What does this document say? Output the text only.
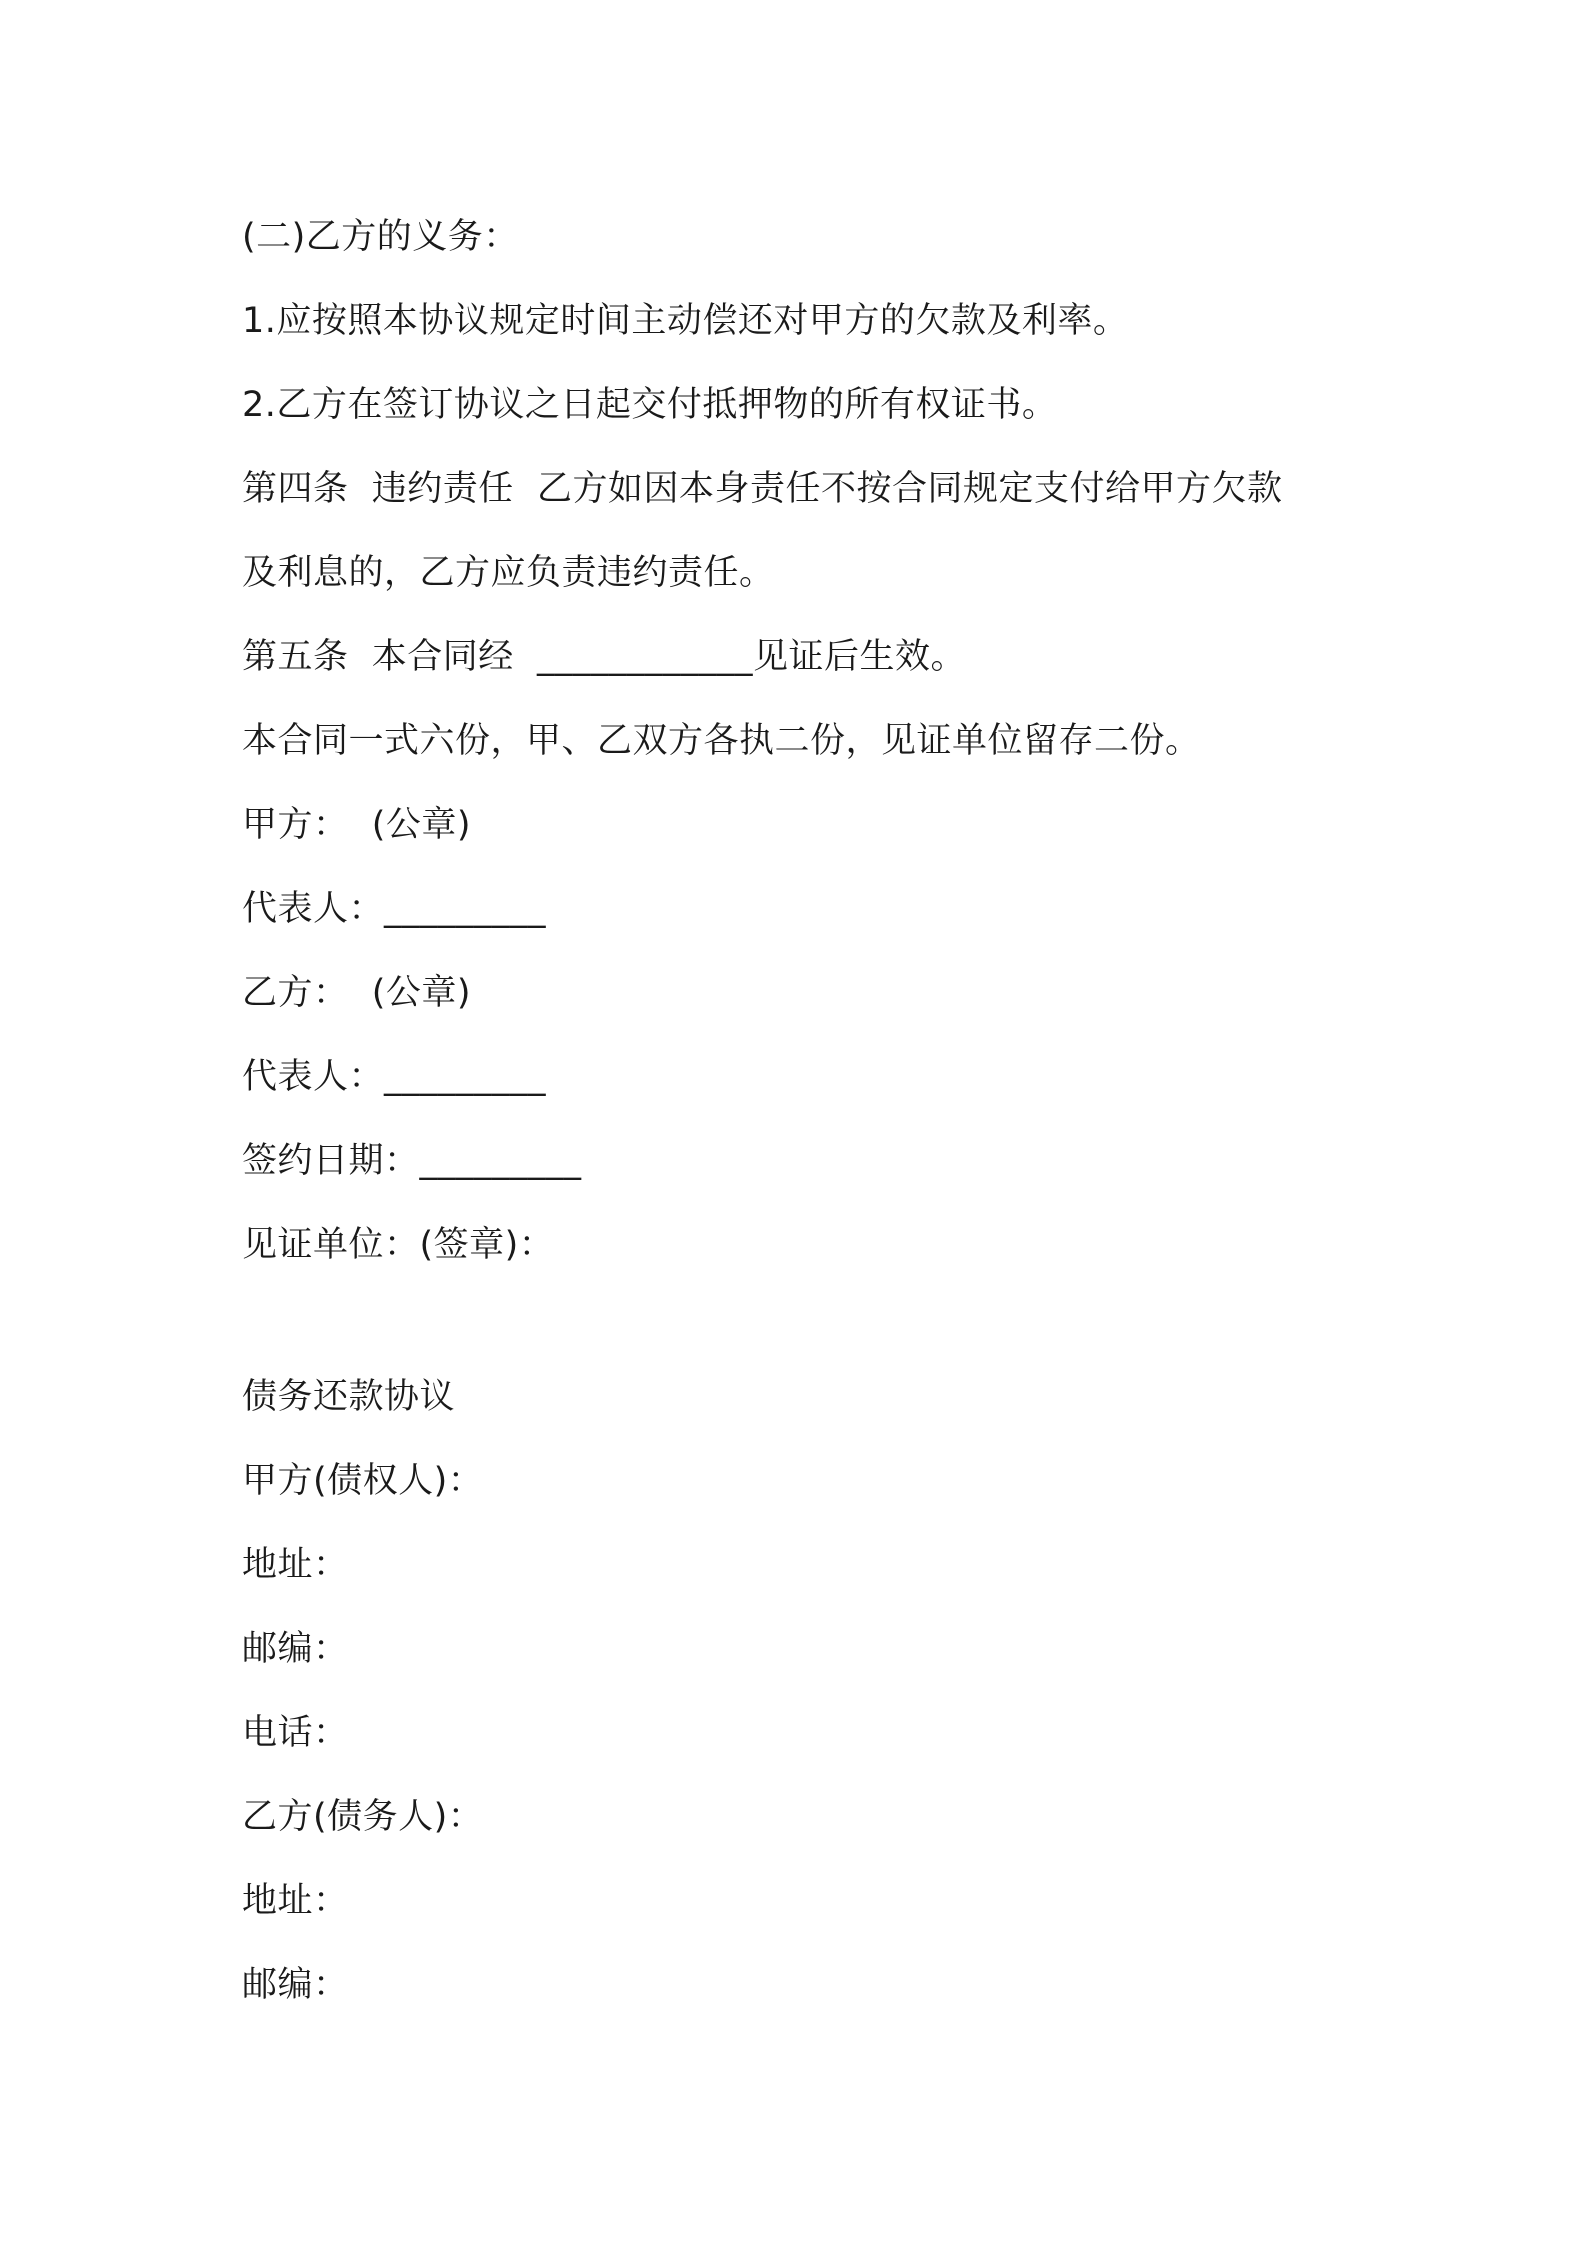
(二)乙方的义务：
1.应按照本协议规定时间主动偿还对甲方的欠款及利率。
2.乙方在签订协议之日起交付抵押物的所有权证书。
第四条  违约责任  乙方如因本身责任不按合同规定支付给甲方欠款
及利息的，乙方应负责违约责任。
第五条  本合同经  ____________见证后生效。
本合同一式六份，甲、乙双方各执二份，见证单位留存二份。
甲方：  (公章)
代表人：_________
乙方：  (公章)
代表人：_________
签约日期：_________
见证单位：(签章)：
债务还款协议
甲方(债权人)：
地址：
邮编：
电话：
乙方(债务人)：
地址：
邮编：
